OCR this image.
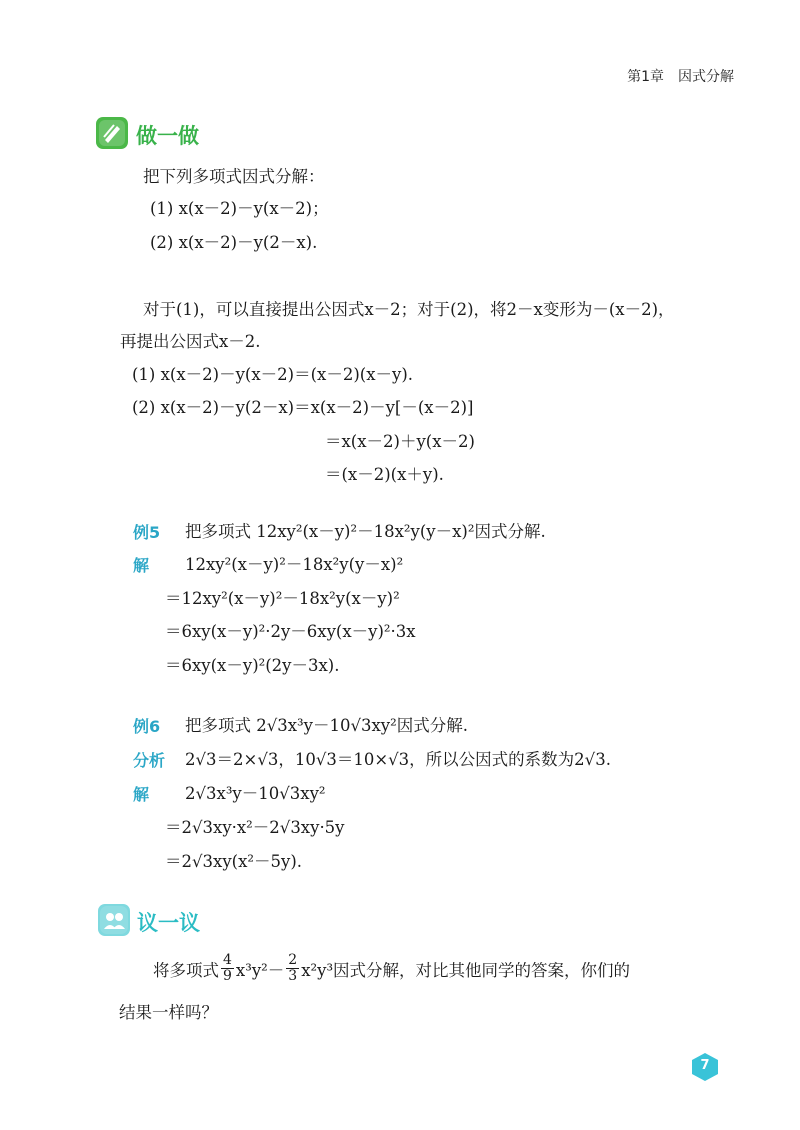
第1章 因式分解
做一做
把下列多项式因式分解：
(1) x(x－2)－y(x－2)；
(2) x(x－2)－y(2－x).
对于(1)，可以直接提出公因式x－2；对于(2)，将2－x变形为－(x－2)，
再提出公因式x－2.
(1) x(x－2)－y(x－2)＝(x－2)(x－y).
(2) x(x－2)－y(2－x)＝x(x－2)－y[－(x－2)]
＝x(x－2)＋y(x－2)
＝(x－2)(x＋y).
例5 把多项式 12xy²(x－y)²－18x²y(y－x)²因式分解.
解 12xy²(x－y)²－18x²y(y－x)²
＝12xy²(x－y)²－18x²y(x－y)²
＝6xy(x－y)²·2y－6xy(x－y)²·3x
＝6xy(x－y)²(2y－3x).
例6 把多项式 2√3x³y－10√3xy²因式分解.
分析 2√3＝2×√3，10√3＝10×√3，所以公因式的系数为2√3.
解 2√3x³y－10√3xy²
＝2√3xy·x²－2√3xy·5y
＝2√3xy(x²－5y).
议一议
将多项式 $\frac{4}{9} x^3y^2- \frac{2}{3} x^2y^3$因式分解，对比其他同学的答案，你们的
结果一样吗？
7
